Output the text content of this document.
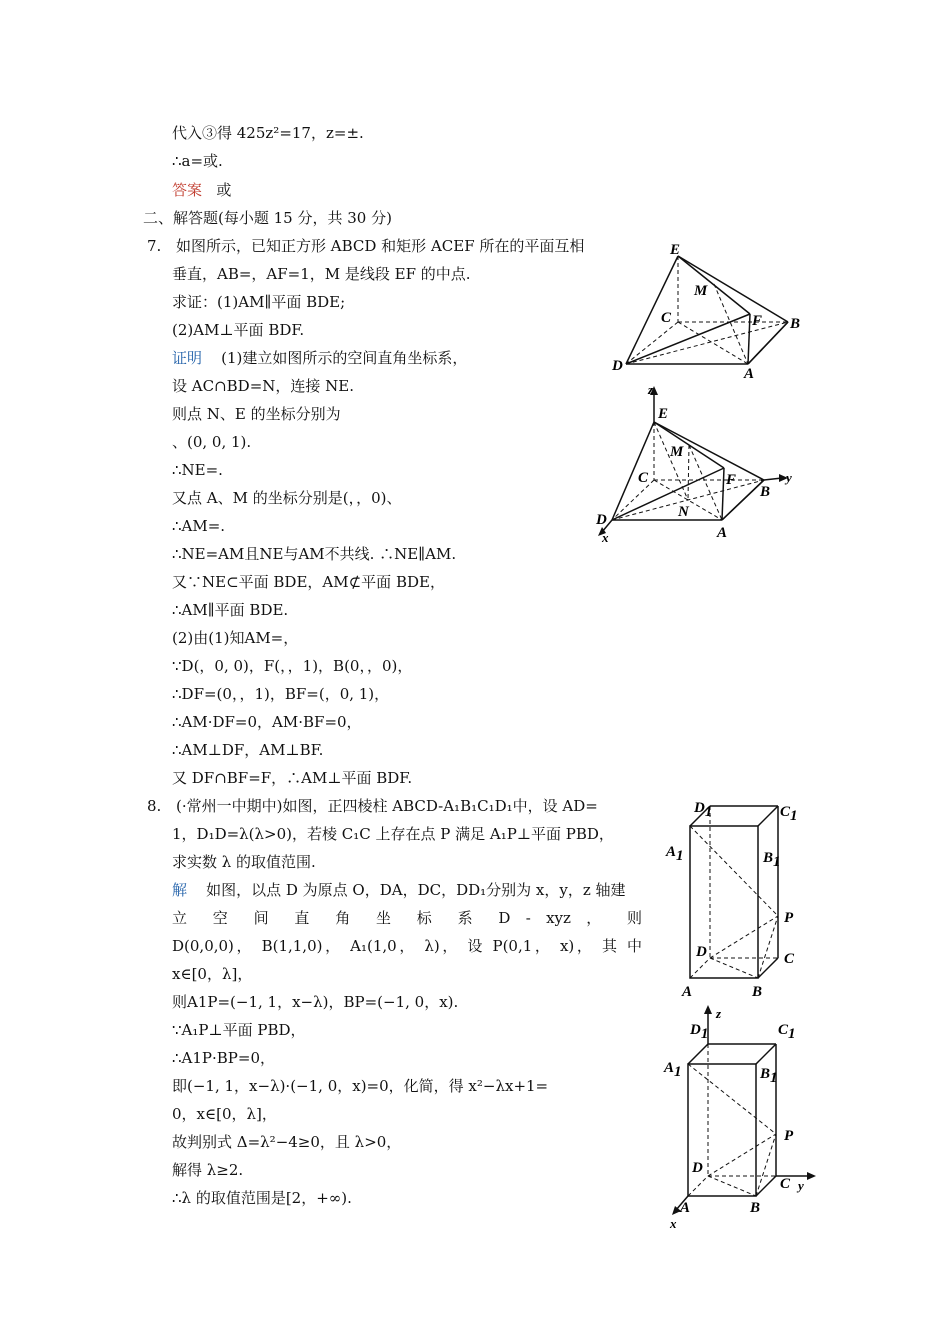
代入③得 425z²=17，z=±.
∴a=或.
答案 或
二、解答题(每小题 15 分，共 30 分)
7. 如图所示，已知正方形 ABCD 和矩形 ACEF 所在的平面互相
垂直，AB=，AF=1，M 是线段 EF 的中点.
求证：(1)AM∥平面 BDE;
(2)AM⊥平面 BDF.
证明 (1)建立如图所示的空间直角坐标系，
设 AC∩BD=N，连接 NE.
则点 N、E 的坐标分别为
、(0, 0, 1).
∴NE=.
又点 A、M 的坐标分别是(，，0)、
∴AM=.
∴NE=AM且NE与AM不共线. ∴NE∥AM.
又∵NE⊂平面 BDE，AM⊄平面 BDE，
∴AM∥平面 BDE.
(2)由(1)知AM=，
∵D(，0, 0)，F(，，1)，B(0，，0)，
∴DF=(0，，1)，BF=(，0, 1)，
∴AM·DF=0，AM·BF=0，
∴AM⊥DF，AM⊥BF.
又 DF∩BF=F，∴AM⊥平面 BDF.
8. (·常州一中期中)如图，正四棱柱 ABCD-A₁B₁C₁D₁中，设 AD=
1，D₁D=λ(λ>0)，若棱 C₁C 上存在点 P 满足 A₁P⊥平面 PBD，
求实数 λ 的取值范围.
解 如图，以点 D 为原点 O，DA，DC，DD₁分别为 x，y，z 轴建
立 空 间 直 角 坐 标 系 D - xyz ， 则
D(0,0,0)， B(1,1,0)， A₁(1,0， λ)， 设 P(0,1， x)， 其 中
x∈[0，λ]，
则A1P=(−1, 1，x−λ)，BP=(−1, 0，x).
∵A₁P⊥平面 PBD，
∴A1P·BP=0，
即(−1, 1，x−λ)·(−1, 0，x)=0，化简，得 x²−λx+1=
0，x∈[0，λ]，
故判别式 Δ=λ²−4≥0，且 λ>0，
解得 λ≥2.
∴λ 的取值范围是[2，+∞).
E
M
C	F B
D	A
z
E
M
C	F
B
y
N
D
x	A
D1	C1
A1	B1
P
D	C
A	B
z
D1	C1
A1	B1
P
D
C y
A	B
x
